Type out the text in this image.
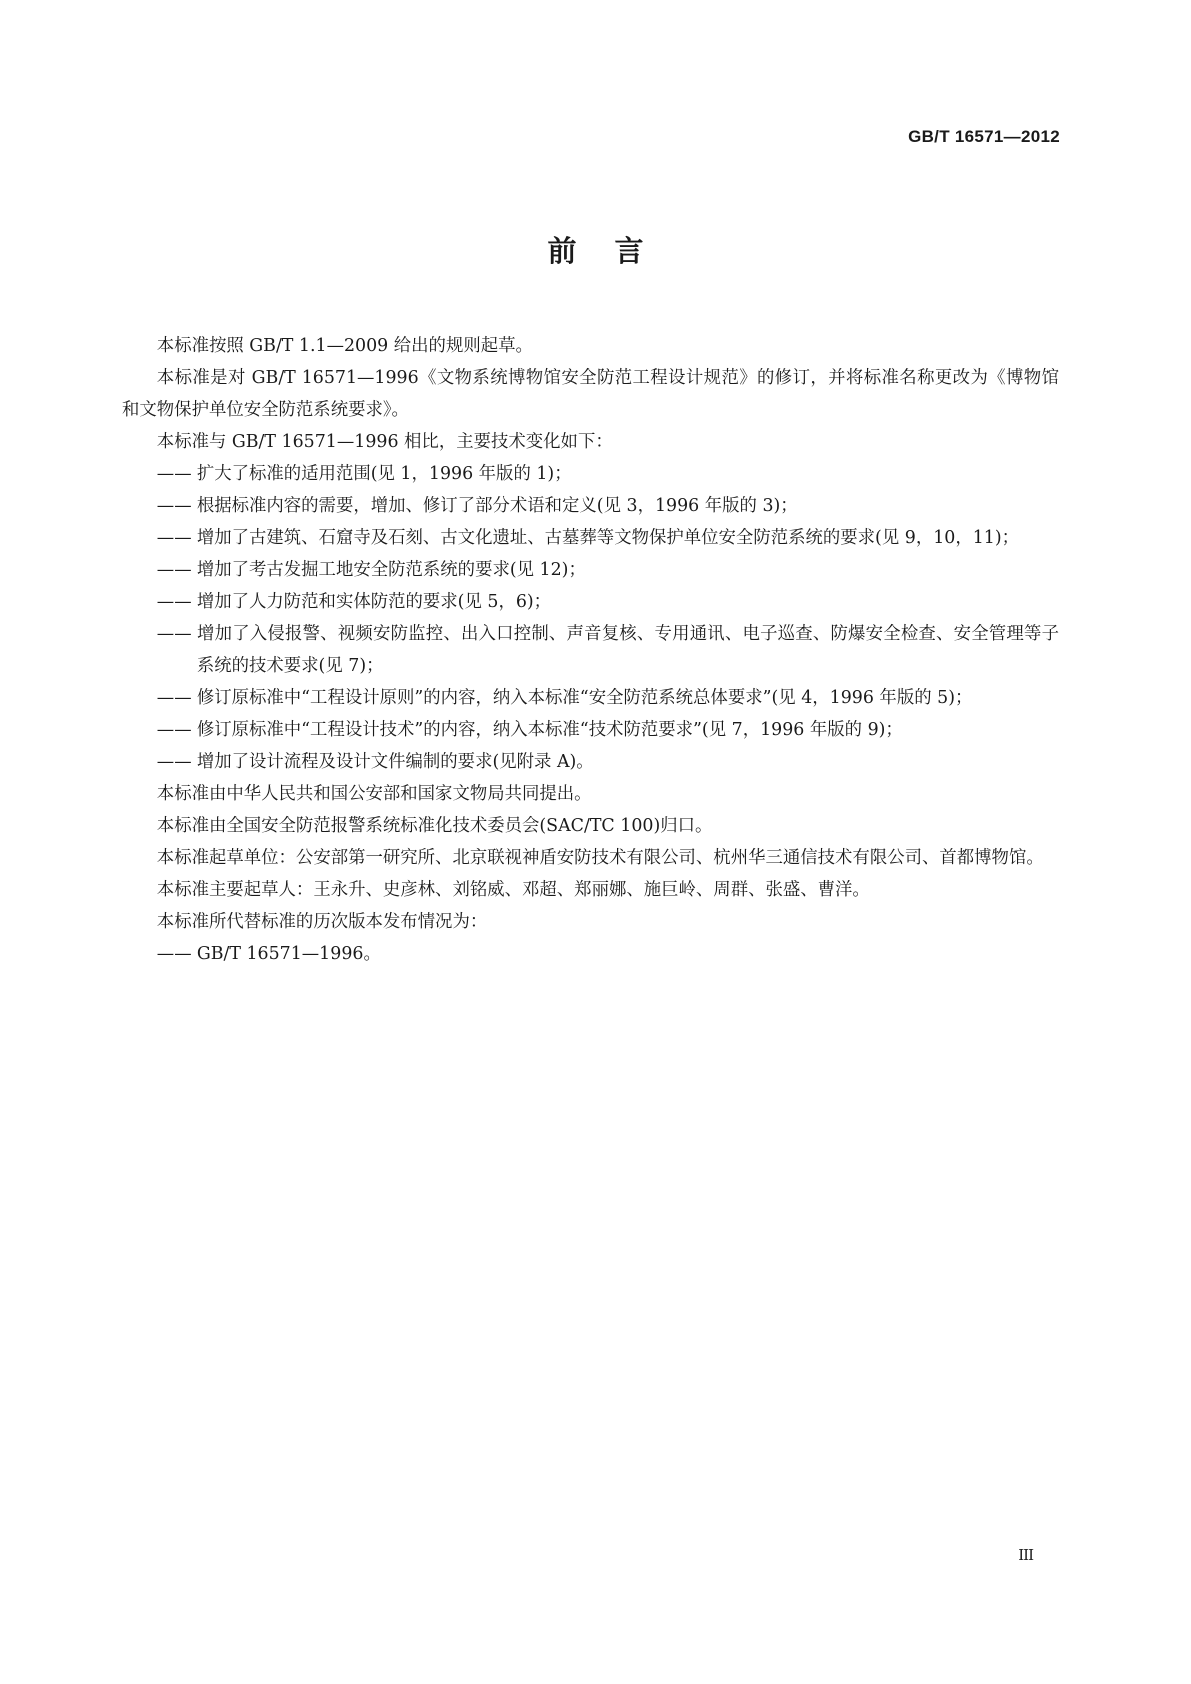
GB/T 16571—2012
前言

本标准按照 GB/T 1.1—2009 给出的规则起草。

本标准是对 GB/T 16571—1996《文物系统博物馆安全防范工程设计规范》的修订，并将标准名称更改为《博物馆和文物保护单位安全防范系统要求》。

本标准与 GB/T 16571—1996 相比，主要技术变化如下：

—— 扩大了标准的适用范围(见 1，1996 年版的 1)；
—— 根据标准内容的需要，增加、修订了部分术语和定义(见 3，1996 年版的 3)；
—— 增加了古建筑、石窟寺及石刻、古文化遗址、古墓葬等文物保护单位安全防范系统的要求(见 9，10，11)；
—— 增加了考古发掘工地安全防范系统的要求(见 12)；
—— 增加了人力防范和实体防范的要求(见 5，6)；
—— 增加了入侵报警、视频安防监控、出入口控制、声音复核、专用通讯、电子巡查、防爆安全检查、安全管理等子系统的技术要求(见 7)；
—— 修订原标准中“工程设计原则”的内容，纳入本标准“安全防范系统总体要求”(见 4，1996 年版的 5)；
—— 修订原标准中“工程设计技术”的内容，纳入本标准“技术防范要求”(见 7，1996 年版的 9)；
—— 增加了设计流程及设计文件编制的要求(见附录 A)。

本标准由中华人民共和国公安部和国家文物局共同提出。

本标准由全国安全防范报警系统标准化技术委员会(SAC/TC 100)归口。

本标准起草单位：公安部第一研究所、北京联视神盾安防技术有限公司、杭州华三通信技术有限公司、首都博物馆。

本标准主要起草人：王永升、史彦林、刘铭威、邓超、郑丽娜、施巨岭、周群、张盛、曹洋。

本标准所代替标准的历次版本发布情况为：

—— GB/T 16571—1996。
III
